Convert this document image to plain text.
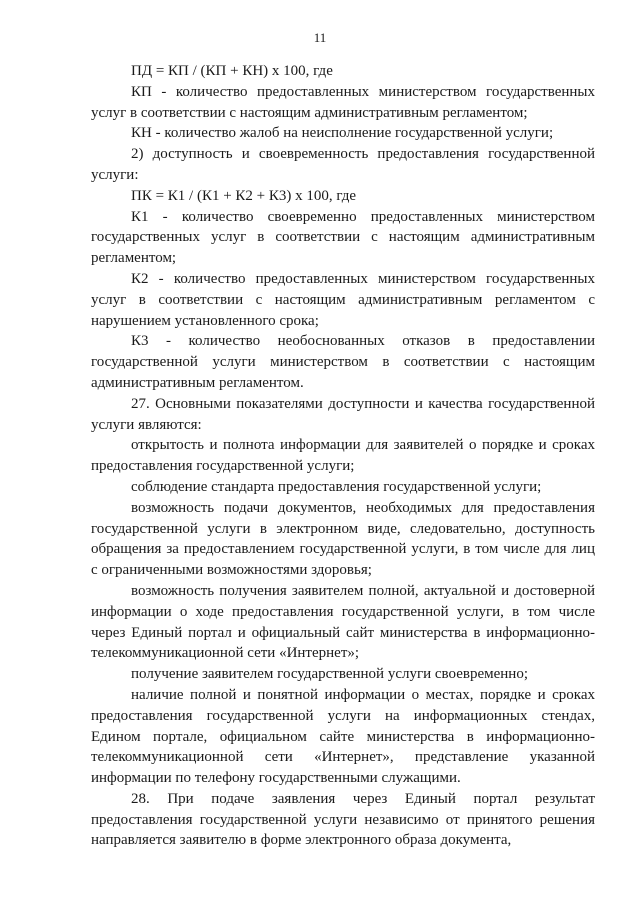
11

ПД = КП / (КП + КН) х 100, где

КП - количество предоставленных министерством государственных услуг в соответствии с настоящим административным регламентом;

КН - количество жалоб на неисполнение государственной услуги;

2) доступность и своевременность предоставления государственной услуги:

ПК = К1 / (К1 + К2 + К3) х 100, где

К1 - количество своевременно предоставленных министерством государственных услуг в соответствии с настоящим административным регламентом;

К2 - количество предоставленных министерством государственных услуг в соответствии с настоящим административным регламентом с нарушением установленного срока;

К3 - количество необоснованных отказов в предоставлении государственной услуги министерством в соответствии с настоящим административным регламентом.

27. Основными показателями доступности и качества государственной услуги являются:

открытость и полнота информации для заявителей о порядке и сроках предоставления государственной услуги;

соблюдение стандарта предоставления государственной услуги;

возможность подачи документов, необходимых для предоставления государственной услуги в электронном виде, следовательно, доступность обращения за предоставлением государственной услуги, в том числе для лиц с ограниченными возможностями здоровья;

возможность получения заявителем полной, актуальной и достоверной информации о ходе предоставления государственной услуги, в том числе через Единый портал и официальный сайт министерства в информационно-телекоммуникационной сети «Интернет»;

получение заявителем государственной услуги своевременно;

наличие полной и понятной информации о местах, порядке и сроках предоставления государственной услуги на информационных стендах, Едином портале, официальном сайте министерства в информационно-телекоммуникационной сети «Интернет», представление указанной информации по телефону государственными служащими.

28. При подаче заявления через Единый портал результат предоставления государственной услуги независимо от принятого решения направляется заявителю в форме электронного образа документа,
